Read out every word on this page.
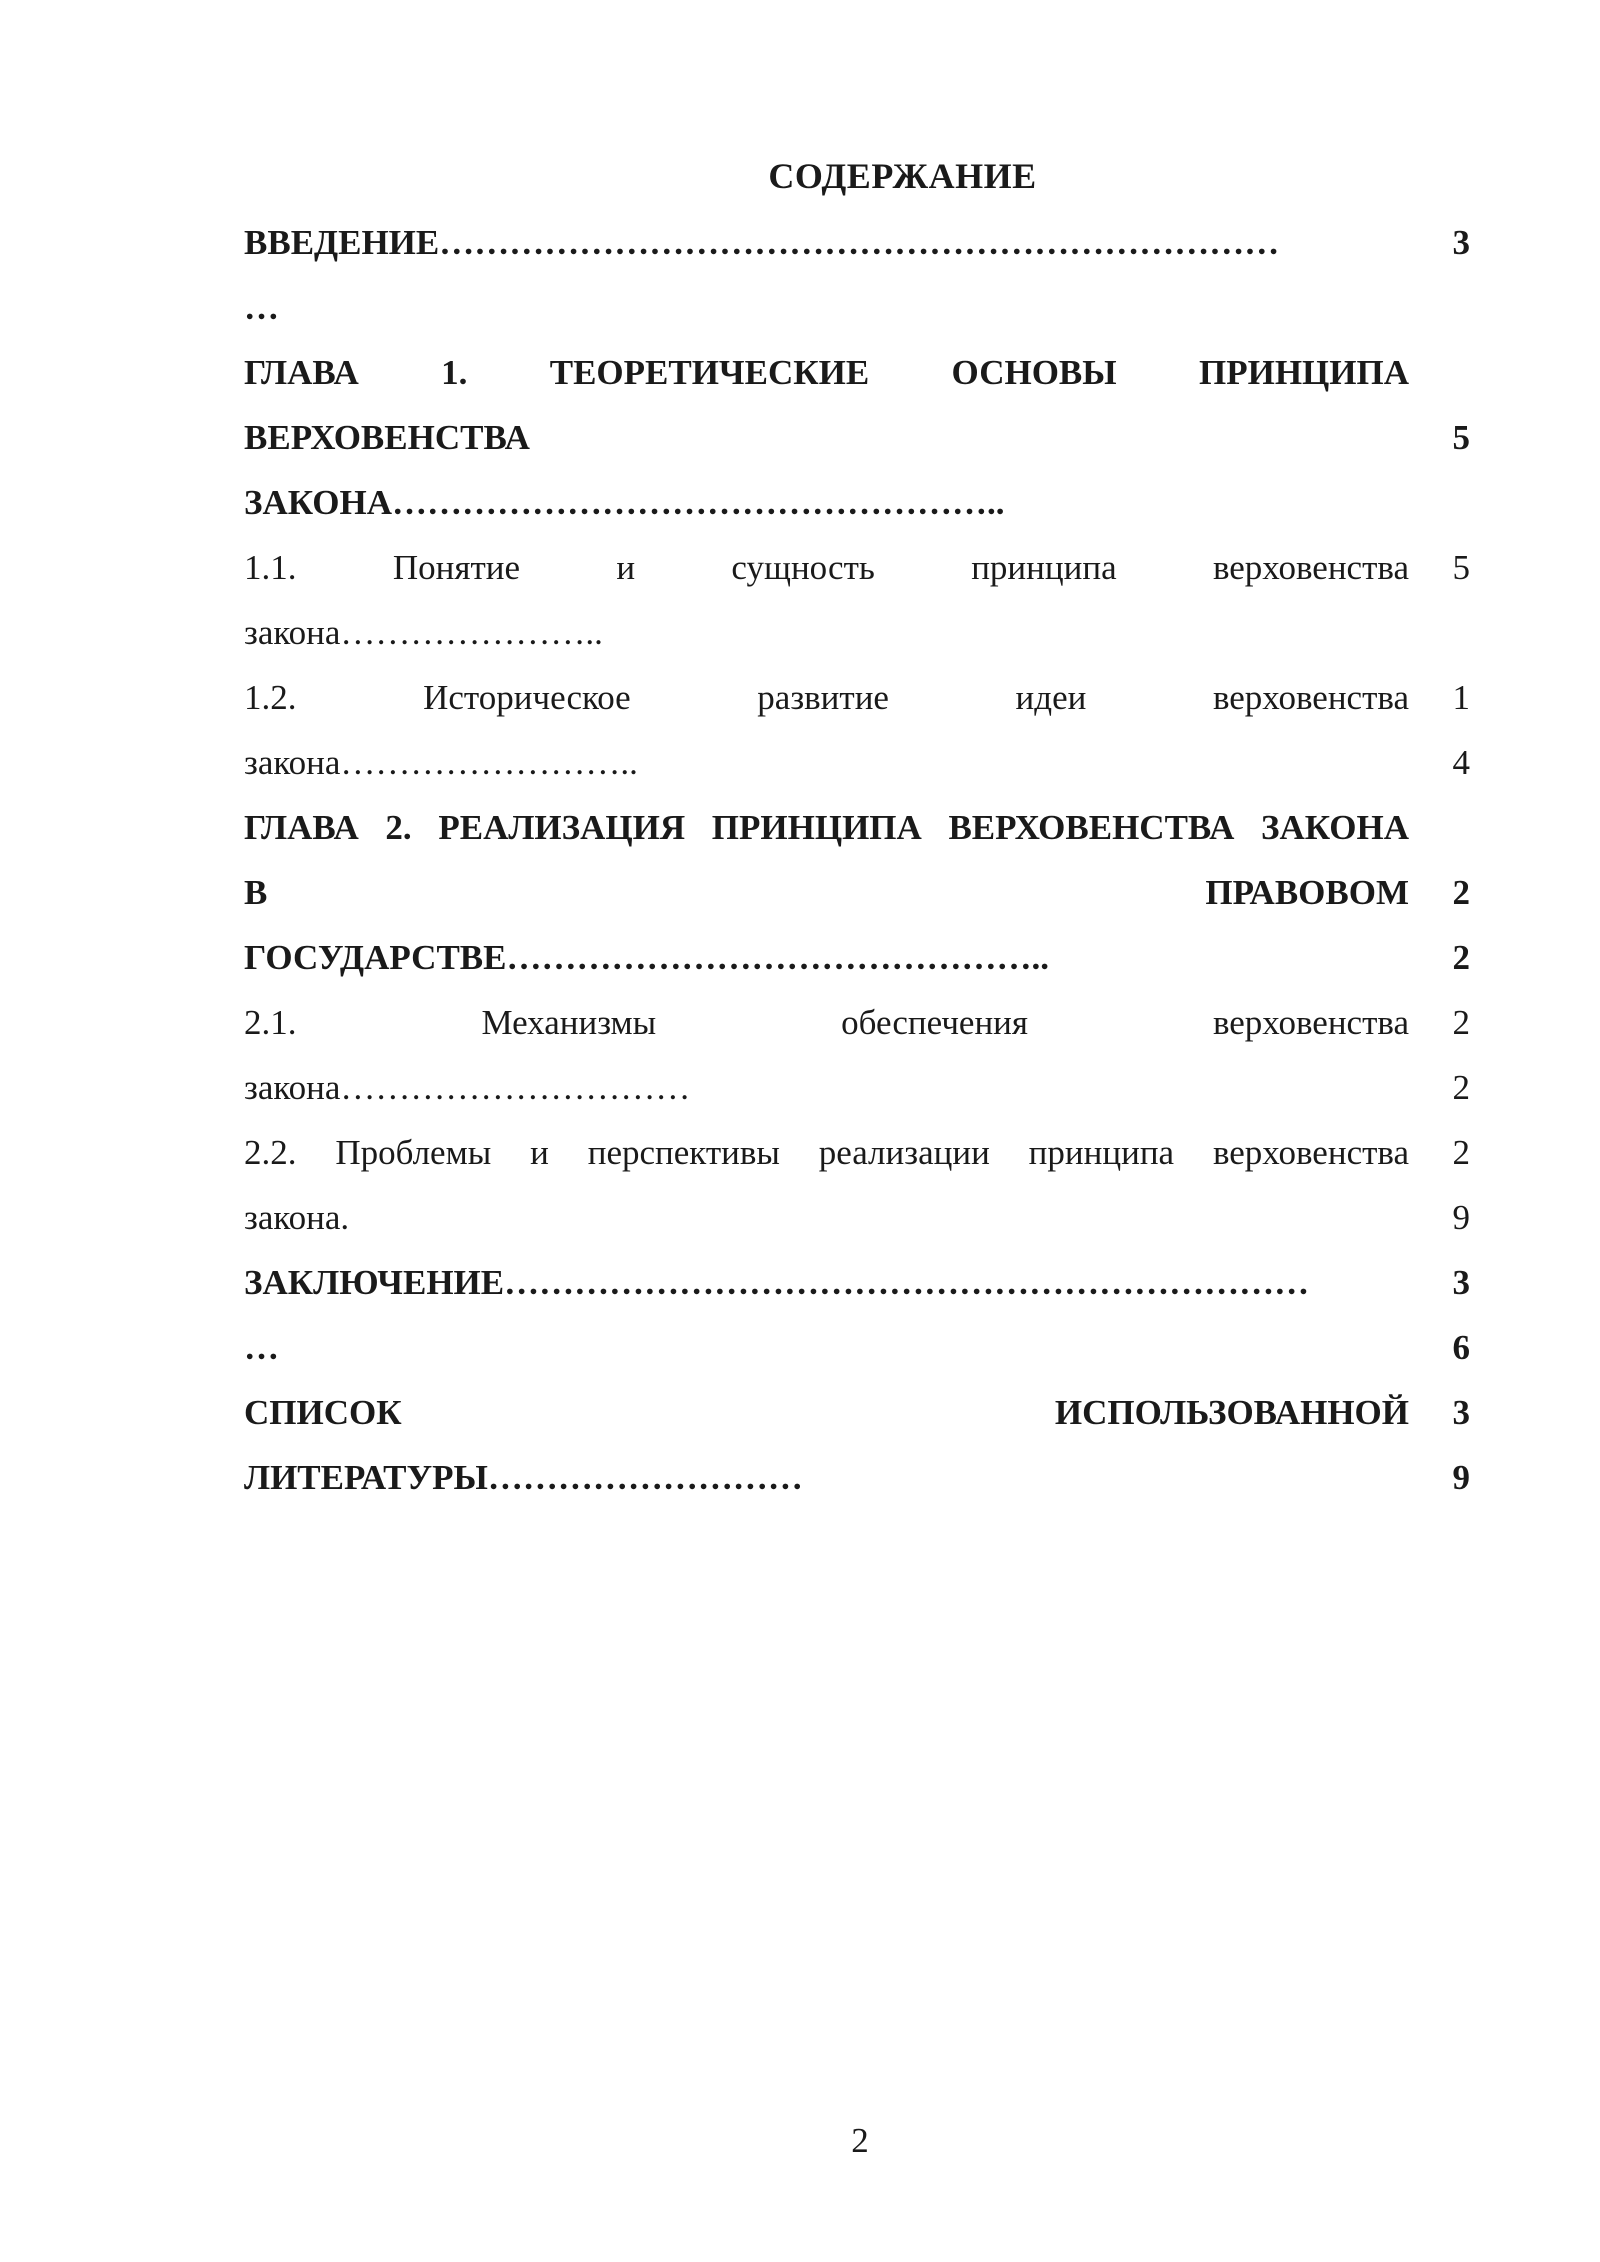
СОДЕРЖАНИЕ
ВВЕДЕНИЕ………………………………………………………………
…
3

ГЛАВА 1. ТЕОРЕТИЧЕСКИЕ ОСНОВЫ ПРИНЦИПА
ВЕРХОВЕНСТВА
ЗАКОНА……………………………………………..

5

1.1. Понятие и сущность принципа верховенства
закона…………………..
5

1.2. Историческое развитие идеи верховенства
закона……………………..
1
4
ГЛАВА 2. РЕАЛИЗАЦИЯ ПРИНЦИПА ВЕРХОВЕНСТВА ЗАКОНА
В ПРАВОВОМ
ГОСУДАРСТВЕ………………………………………..

2
2
2.1. Механизмы обеспечения верховенства
закона…………………………
2
2
2.2. Проблемы и перспективы реализации принципа верховенства
закона.
2
9
ЗАКЛЮЧЕНИЕ……………………………………………………………
…
3
6
СПИСОК ИСПОЛЬЗОВАННОЙ
ЛИТЕРАТУРЫ………………………
3
9
2
